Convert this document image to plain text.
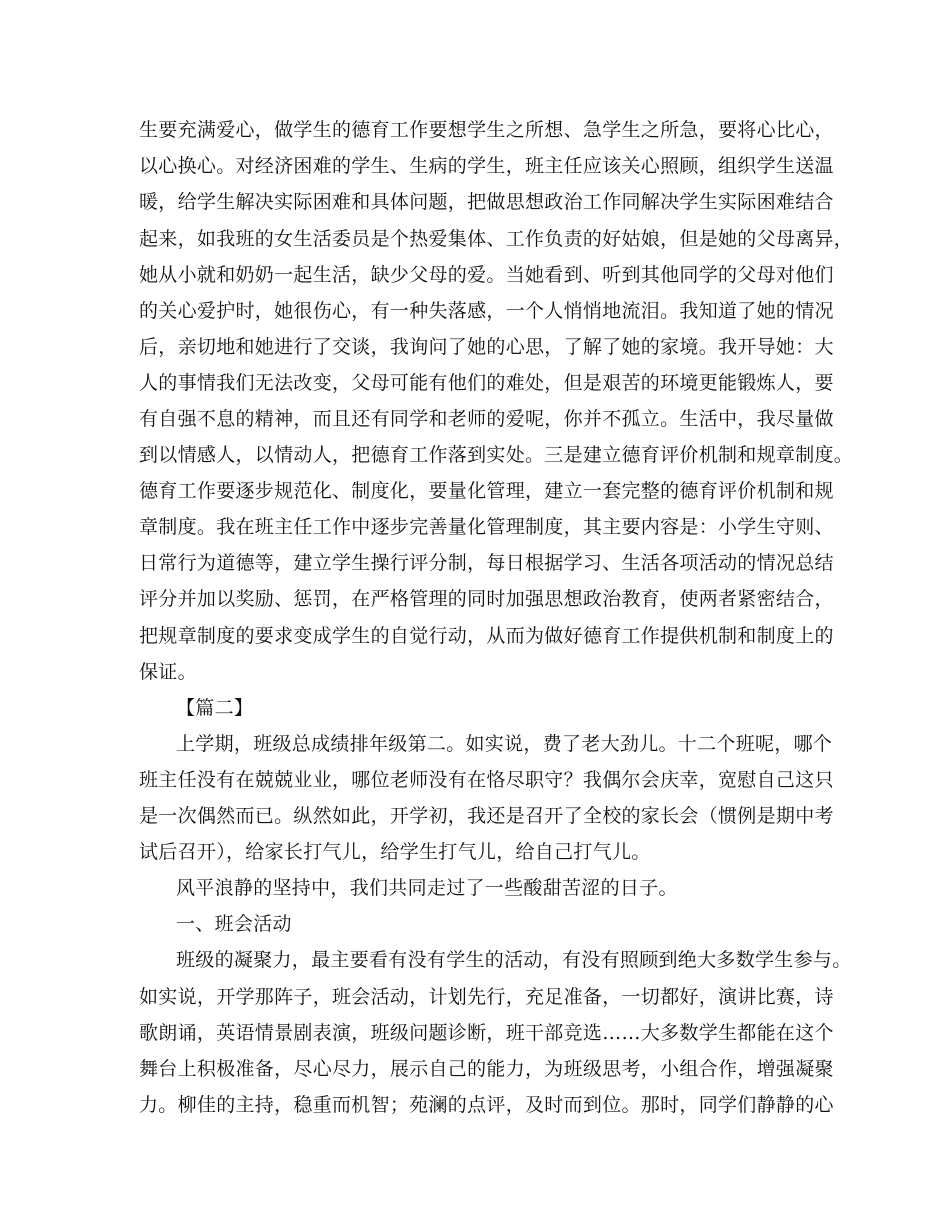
生要充满爱心，做学生的德育工作要想学生之所想、急学生之所急，要将心比心，
以心换心。对经济困难的学生、生病的学生，班主任应该关心照顾，组织学生送温
暖，给学生解决实际困难和具体问题，把做思想政治工作同解决学生实际困难结合
起来，如我班的女生活委员是个热爱集体、工作负责的好姑娘，但是她的父母离异，
她从小就和奶奶一起生活，缺少父母的爱。当她看到、听到其他同学的父母对他们
的关心爱护时，她很伤心，有一种失落感，一个人悄悄地流泪。我知道了她的情况
后，亲切地和她进行了交谈，我询问了她的心思，了解了她的家境。我开导她：大
人的事情我们无法改变，父母可能有他们的难处，但是艰苦的环境更能锻炼人，要
有自强不息的精神，而且还有同学和老师的爱呢，你并不孤立。生活中，我尽量做
到以情感人，以情动人，把德育工作落到实处。三是建立德育评价机制和规章制度。
德育工作要逐步规范化、制度化，要量化管理，建立一套完整的德育评价机制和规
章制度。我在班主任工作中逐步完善量化管理制度，其主要内容是：小学生守则、
日常行为道德等，建立学生操行评分制，每日根据学习、生活各项活动的情况总结
评分并加以奖励、惩罚，在严格管理的同时加强思想政治教育，使两者紧密结合，
把规章制度的要求变成学生的自觉行动，从而为做好德育工作提供机制和制度上的
保证。
【篇二】
上学期，班级总成绩排年级第二。如实说，费了老大劲儿。十二个班呢，哪个
班主任没有在兢兢业业，哪位老师没有在恪尽职守？我偶尔会庆幸，宽慰自己这只
是一次偶然而已。纵然如此，开学初，我还是召开了全校的家长会（惯例是期中考
试后召开），给家长打气儿，给学生打气儿，给自己打气儿。
风平浪静的坚持中，我们共同走过了一些酸甜苦涩的日子。
一、班会活动
班级的凝聚力，最主要看有没有学生的活动，有没有照顾到绝大多数学生参与。
如实说，开学那阵子，班会活动，计划先行，充足准备，一切都好，演讲比赛，诗
歌朗诵，英语情景剧表演，班级问题诊断，班干部竞选……大多数学生都能在这个
舞台上积极准备，尽心尽力，展示自己的能力，为班级思考，小组合作，增强凝聚
力。柳佳的主持，稳重而机智；苑澜的点评，及时而到位。那时，同学们静静的心
